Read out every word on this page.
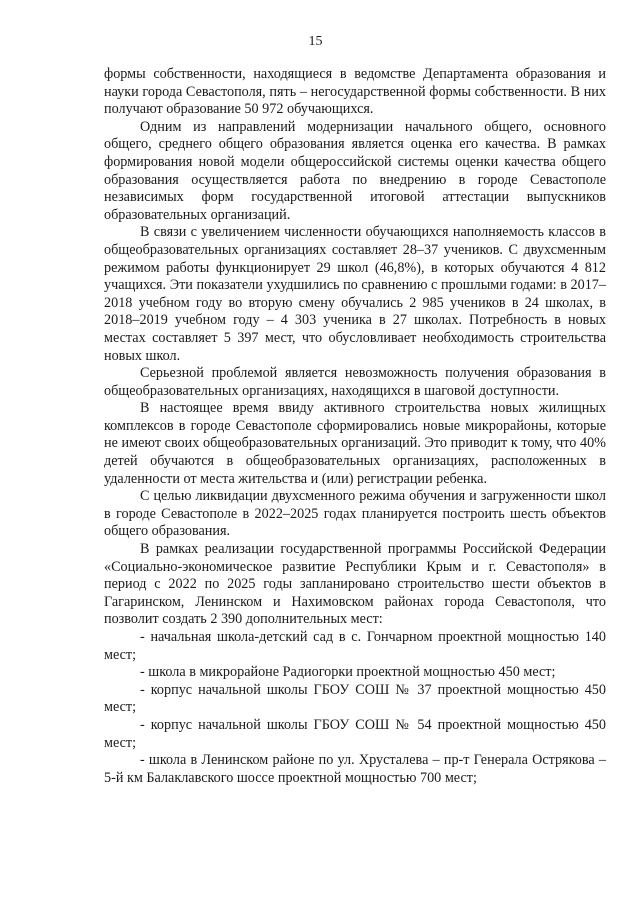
15

формы собственности, находящиеся в ведомстве Департамента образования и науки города Севастополя, пять – негосударственной формы собственности. В них получают образование 50 972 обучающихся.

Одним из направлений модернизации начального общего, основного общего, среднего общего образования является оценка его качества. В рамках формирования новой модели общероссийской системы оценки качества общего образования осуществляется работа по внедрению в городе Севастополе независимых форм государственной итоговой аттестации выпускников образовательных организаций.

В связи с увеличением численности обучающихся наполняемость классов в общеобразовательных организациях составляет 28–37 учеников. С двухсменным режимом работы функционирует 29 школ (46,8%), в которых обучаются 4 812 учащихся. Эти показатели ухудшились по сравнению с прошлыми годами: в 2017–2018 учебном году во вторую смену обучались 2 985 учеников в 24 школах, в 2018–2019 учебном году – 4 303 ученика в 27 школах. Потребность в новых местах составляет 5 397 мест, что обусловливает необходимость строительства новых школ.

Серьезной проблемой является невозможность получения образования в общеобразовательных организациях, находящихся в шаговой доступности.

В настоящее время ввиду активного строительства новых жилищных комплексов в городе Севастополе сформировались новые микрорайоны, которые не имеют своих общеобразовательных организаций. Это приводит к тому, что 40% детей обучаются в общеобразовательных организациях, расположенных в удаленности от места жительства и (или) регистрации ребенка.

С целью ликвидации двухсменного режима обучения и загруженности школ в городе Севастополе в 2022–2025 годах планируется построить шесть объектов общего образования.

В рамках реализации государственной программы Российской Федерации «Социально-экономическое развитие Республики Крым и г. Севастополя» в период с 2022 по 2025 годы запланировано строительство шести объектов в Гагаринском, Ленинском и Нахимовском районах города Севастополя, что позволит создать 2 390 дополнительных мест:

- начальная школа-детский сад в с. Гончарном проектной мощностью 140 мест;

- школа в микрорайоне Радиогорки проектной мощностью 450 мест;

- корпус начальной школы ГБОУ СОШ № 37 проектной мощностью 450 мест;

- корпус начальной школы ГБОУ СОШ № 54 проектной мощностью 450 мест;

- школа в Ленинском районе по ул. Хрусталева – пр-т Генерала Острякова – 5-й км Балаклавского шоссе проектной мощностью 700 мест;
